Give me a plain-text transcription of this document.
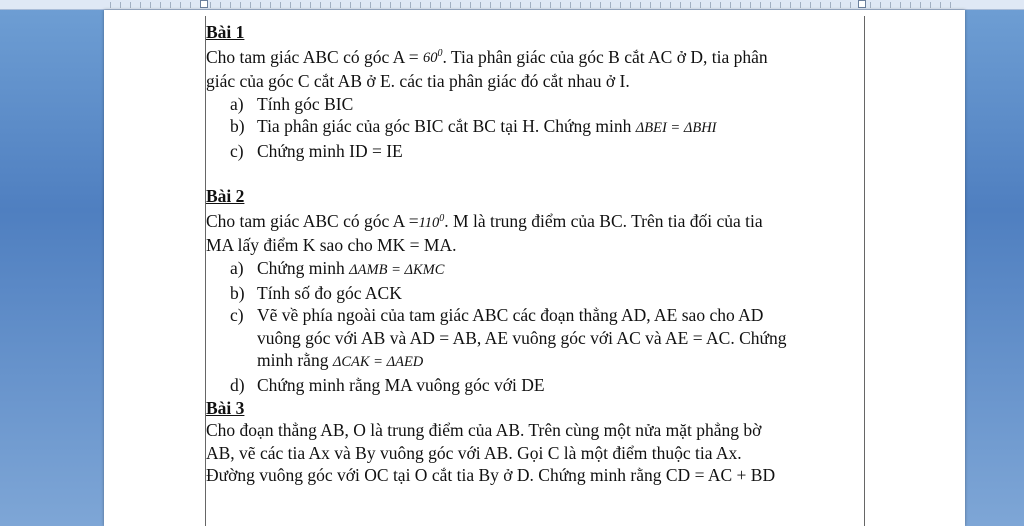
Bài 1

Cho tam giác ABC có góc $A = 60^0$. Tia phân giác của góc B cắt AC ở D, tia phân

giác của góc C cắt AB ở E. các tia phân giác đó cắt nhau ở I.

a) Tính góc BIC
b) Tia phân giác của góc BIC cắt BC tại H. Chứng minh ΔBEI = ΔBHI
c) Chứng minh ID = IE

Bài 2

Cho tam giác ABC có góc $A =110^0$. M là trung điểm của BC. Trên tia đối của tia

MA lấy điểm K sao cho MK = MA.

a) Chứng minh ΔAMB = ΔKMC
b) Tính số đo góc ACK
c) Vẽ về phía ngoài của tam giác ABC các đoạn thẳng AD, AE sao cho AD
vuông góc với AB và AD = AB, AE vuông góc với AC và AE = AC. Chứng
minh rằng ΔCAK = ΔAED
d) Chứng minh rằng MA vuông góc với DE

Bài 3

Cho đoạn thẳng AB, O là trung điểm của AB. Trên cùng một nửa mặt phẳng bờ

AB, vẽ các tia Ax và By vuông góc với AB. Gọi C là một điểm thuộc tia Ax.

Đường vuông góc với OC tại O cắt tia By ở D. Chứng minh rằng CD = AC + BD
